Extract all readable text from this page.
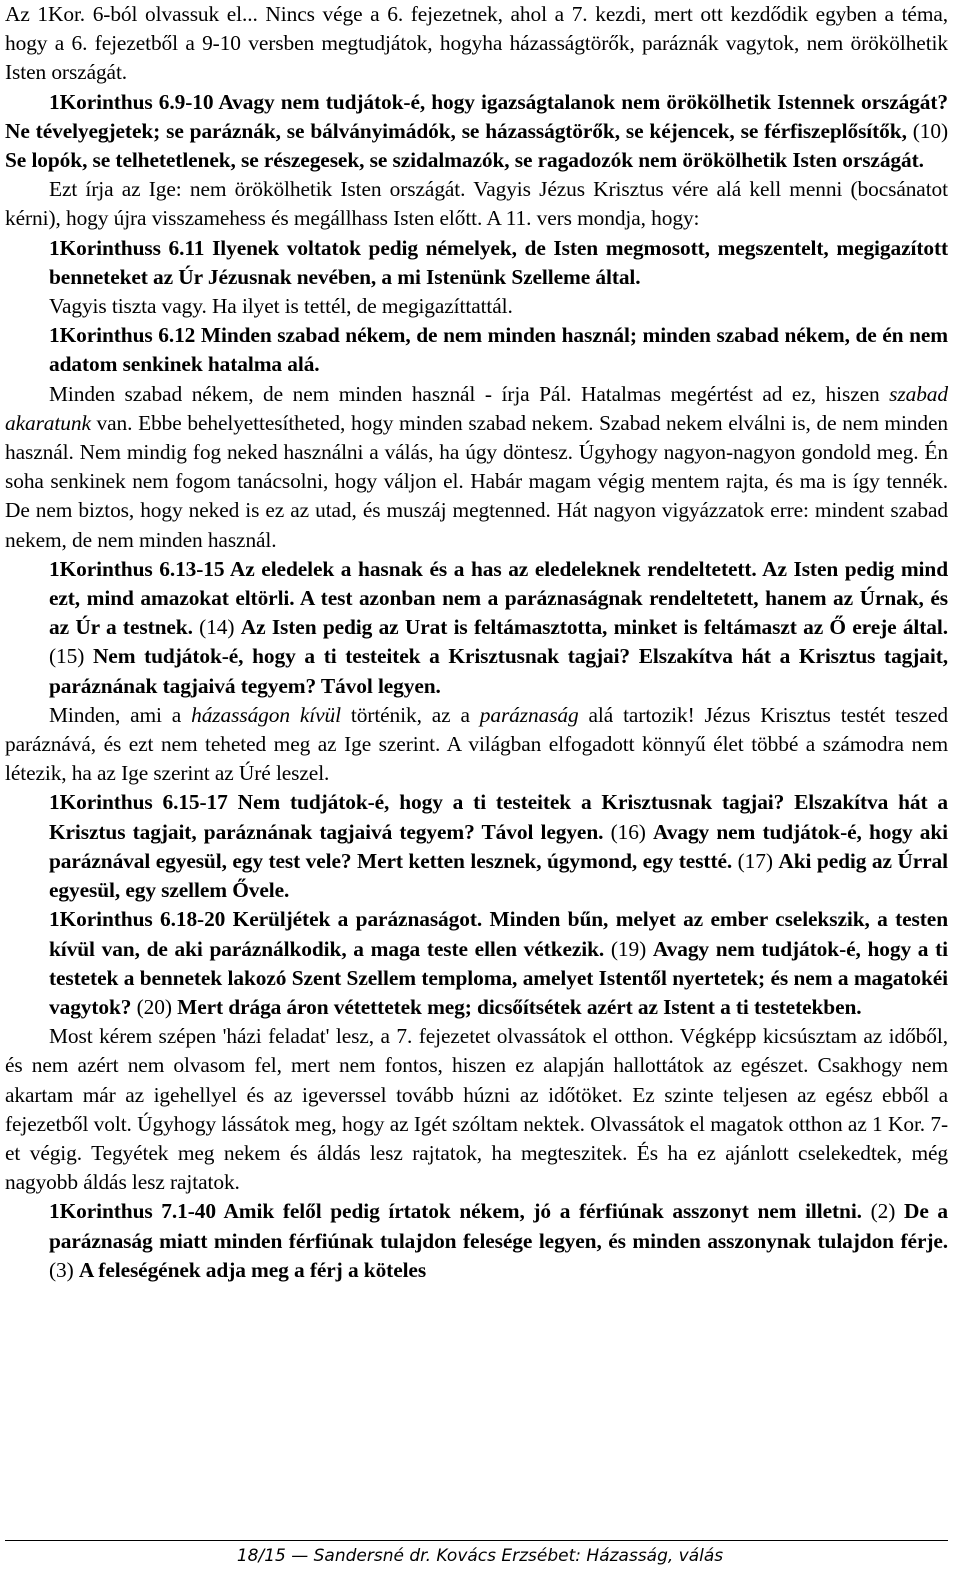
Az 1Kor. 6-ból olvassuk el... Nincs vége a 6. fejezetnek, ahol a 7. kezdi, mert ott kezdődik egyben a téma, hogy a 6. fejezetből a 9-10 versben megtudjátok, hogyha házasságtörők, paráznák vagytok, nem örökölhetik Isten országát.

1Korinthus 6.9-10 Avagy nem tudjátok-é, hogy igazságtalanok nem örökölhetik Istennek országát? Ne tévelyegjetek; se paráznák, se bálványimádók, se házasságtörők, se kéjencek, se férfiszeplősítők, (10) Se lopók, se telhetetlenek, se részegesek, se szidalmazók, se ragadozók nem örökölhetik Isten országát.

Ezt írja az Ige: nem örökölhetik Isten országát. Vagyis Jézus Krisztus vére alá kell menni (bocsánatot kérni), hogy újra visszamehess és megállhass Isten előtt. A 11. vers mondja, hogy:

1Korinthuss 6.11 Ilyenek voltatok pedig némelyek, de Isten megmosott, megszentelt, megigazított benneteket az Úr Jézusnak nevében, a mi Istenünk Szelleme által.

Vagyis tiszta vagy. Ha ilyet is tettél, de megigazíttattál.

1Korinthus 6.12 Minden szabad nékem, de nem minden használ; minden szabad nékem, de én nem adatom senkinek hatalma alá.

Minden szabad nékem, de nem minden használ - írja Pál. Hatalmas megértést ad ez, hiszen szabad akaratunk van. Ebbe behelyettesítheted, hogy minden szabad nekem. Szabad nekem elválni is, de nem minden használ. Nem mindig fog neked használni a válás, ha úgy döntesz. Úgyhogy nagyon-nagyon gondold meg. Én soha senkinek nem fogom tanácsolni, hogy váljon el. Habár magam végig mentem rajta, és ma is így tennék. De nem biztos, hogy neked is ez az utad, és muszáj megtenned. Hát nagyon vigyázzatok erre: mindent szabad nekem, de nem minden használ.

1Korinthus 6.13-15 Az eledelek a hasnak és a has az eledeleknek rendeltetett. Az Isten pedig mind ezt, mind amazokat eltörli. A test azonban nem a paráznaságnak rendeltetett, hanem az Úrnak, és az Úr a testnek. (14) Az Isten pedig az Urat is feltámasztotta, minket is feltámaszt az Ő ereje által. (15) Nem tudjátok-é, hogy a ti testeitek a Krisztusnak tagjai? Elszakítva hát a Krisztus tagjait, paráznának tagjaivá tegyem? Távol legyen.

Minden, ami a házasságon kívül történik, az a paráznaság alá tartozik! Jézus Krisztus testét teszed paráznává, és ezt nem teheted meg az Ige szerint. A világban elfogadott könnyű élet többé a számodra nem létezik, ha az Ige szerint az Úré leszel.

1Korinthus 6.15-17 Nem tudjátok-é, hogy a ti testeitek a Krisztusnak tagjai? Elszakítva hát a Krisztus tagjait, paráznának tagjaivá tegyem? Távol legyen. (16) Avagy nem tudjátok-é, hogy aki paráznával egyesül, egy test vele? Mert ketten lesznek, úgymond, egy testté. (17) Aki pedig az Úrral egyesül, egy szellem Ővele.

1Korinthus 6.18-20 Kerüljétek a paráznaságot. Minden bűn, melyet az ember cselekszik, a testen kívül van, de aki paráználkodik, a maga teste ellen vétkezik. (19) Avagy nem tudjátok-é, hogy a ti testetek a bennetek lakozó Szent Szellem temploma, amelyet Istentől nyertetek; és nem a magatokéi vagytok? (20) Mert drága áron vétettetek meg; dicsőítsétek azért az Istent a ti testetekben.

Most kérem szépen 'házi feladat' lesz, a 7. fejezetet olvassátok el otthon. Végképp kicsúsztam az időből, és nem azért nem olvasom fel, mert nem fontos, hiszen ez alapján hallottátok az egészet. Csakhogy nem akartam már az igehellyel és az igeverssel tovább húzni az időtöket. Ez szinte teljesen az egész ebből a fejezetből volt. Úgyhogy lássátok meg, hogy az Igét szóltam nektek. Olvassátok el magatok otthon az 1 Kor. 7-et végig. Tegyétek meg nekem és áldás lesz rajtatok, ha megteszitek. És ha ez ajánlott cselekedtek, még nagyobb áldás lesz rajtatok.

1Korinthus 7.1-40 Amik felől pedig írtatok nékem, jó a férfiúnak asszonyt nem illetni. (2) De a paráznaság miatt minden férfiúnak tulajdon felesége legyen, és minden asszonynak tulajdon férje. (3) A feleségének adja meg a férj a köteles

18/15 — Sandersné dr. Kovács Erzsébet: Házasság, válás
